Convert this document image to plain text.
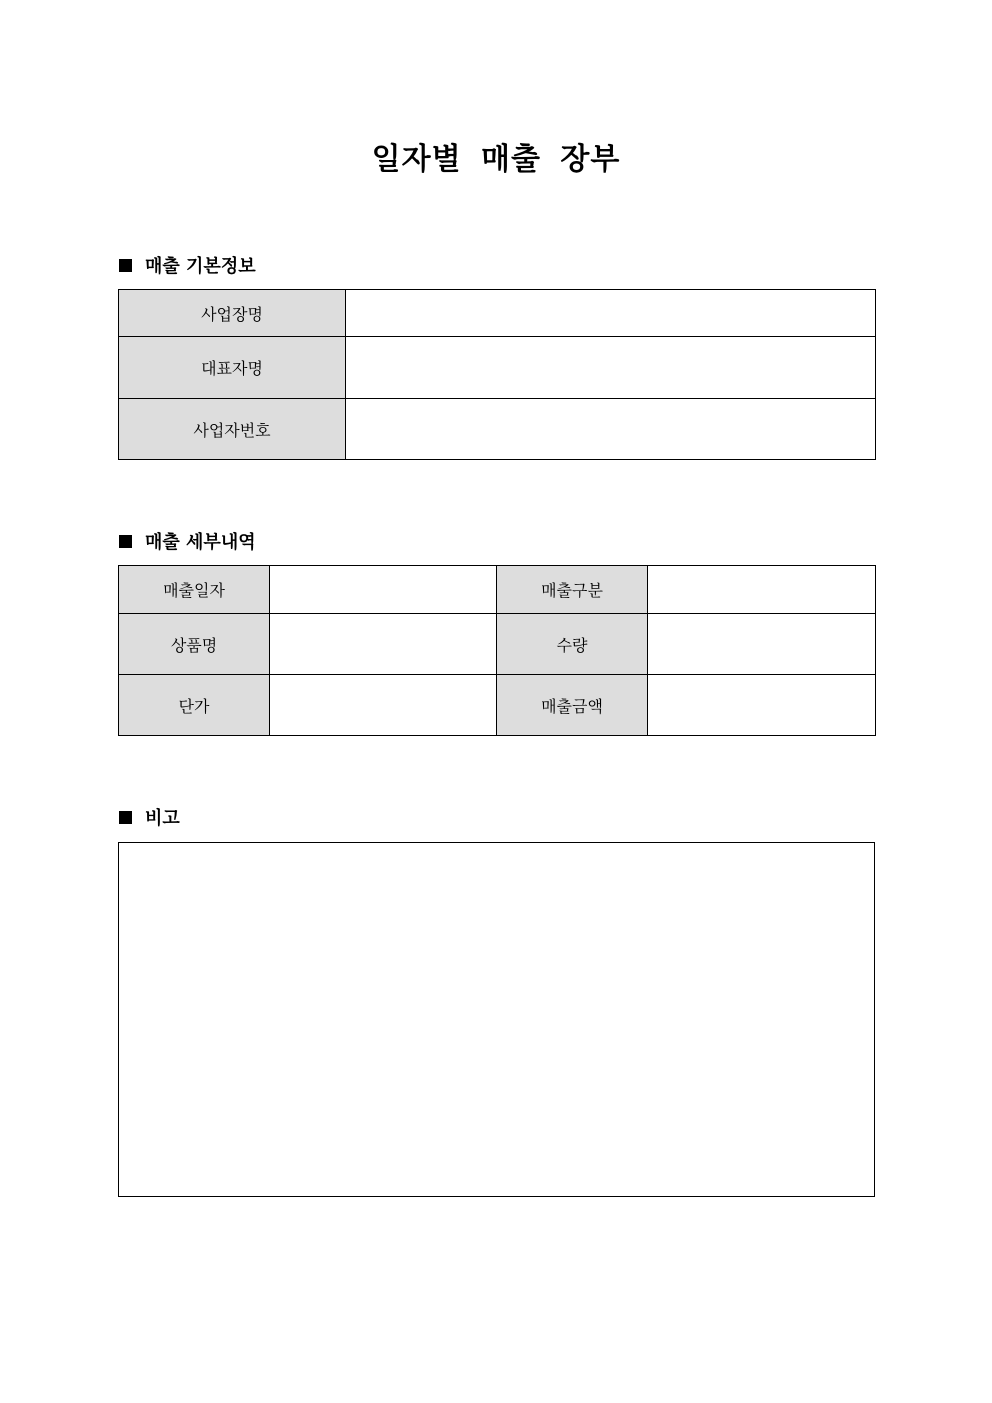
일자별 매출 장부
매출 기본정보
사업장명	
대표자명	
사업자번호	
매출 세부내역
매출일자		매출구분	
상품명		수량	
단가		매출금액	
비고
